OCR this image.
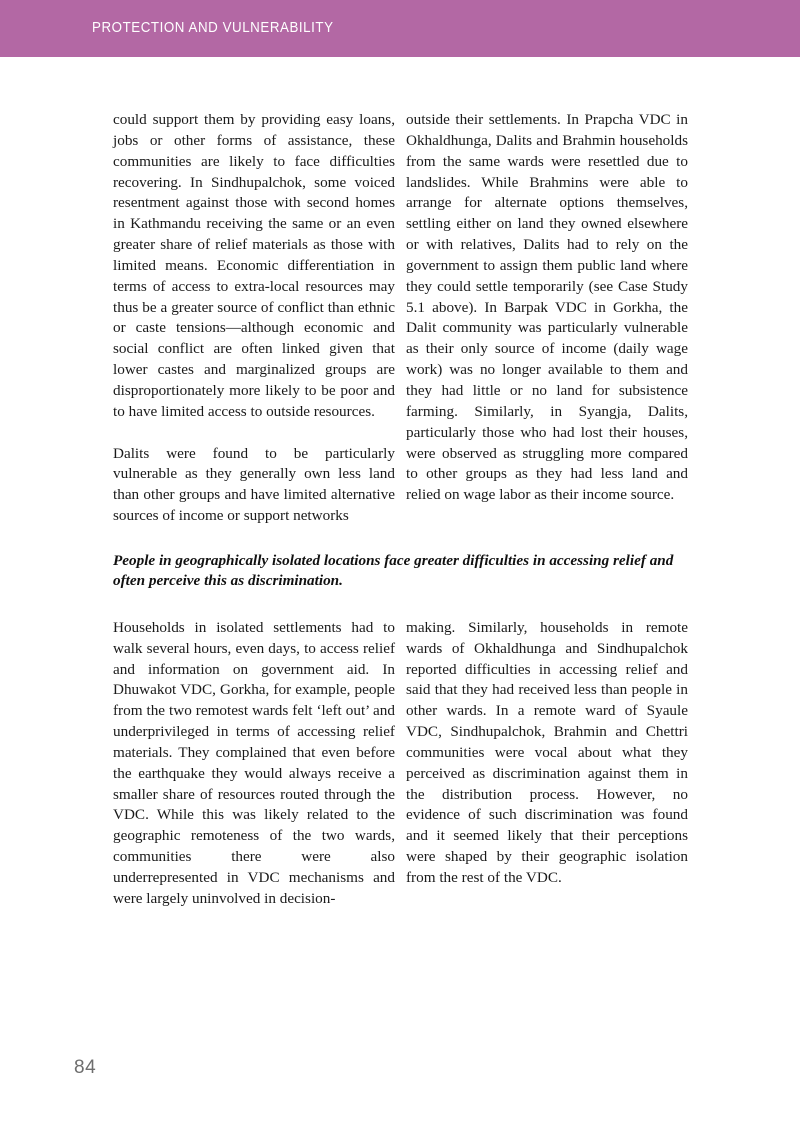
PROTECTION AND VULNERABILITY

could support them by providing easy loans, jobs or other forms of assistance, these communities are likely to face difficulties recovering. In Sindhupalchok, some voiced resentment against those with second homes in Kathmandu receiving the same or an even greater share of relief materials as those with limited means. Economic differentiation in terms of access to extra-local resources may thus be a greater source of conflict than ethnic or caste tensions—although economic and social conflict are often linked given that lower castes and marginalized groups are disproportionately more likely to be poor and to have limited access to outside resources.

Dalits were found to be particularly vulnerable as they generally own less land than other groups and have limited alternative sources of income or support networks

outside their settlements. In Prapcha VDC in Okhaldhunga, Dalits and Brahmin households from the same wards were resettled due to landslides. While Brahmins were able to arrange for alternate options themselves, settling either on land they owned elsewhere or with relatives, Dalits had to rely on the government to assign them public land where they could settle temporarily (see Case Study 5.1 above). In Barpak VDC in Gorkha, the Dalit community was particularly vulnerable as their only source of income (daily wage work) was no longer available to them and they had little or no land for subsistence farming. Similarly, in Syangja, Dalits, particularly those who had lost their houses, were observed as struggling more compared to other groups as they had less land and relied on wage labor as their income source.

People in geographically isolated locations face greater difficulties in accessing relief and often perceive this as discrimination.

Households in isolated settlements had to walk several hours, even days, to access relief and information on government aid. In Dhuwakot VDC, Gorkha, for example, people from the two remotest wards felt ‘left out’ and underprivileged in terms of accessing relief materials. They complained that even before the earthquake they would always receive a smaller share of resources routed through the VDC. While this was likely related to the geographic remoteness of the two wards, communities there were also underrepresented in VDC mechanisms and were largely uninvolved in decision-

making. Similarly, households in remote wards of Okhaldhunga and Sindhupalchok reported difficulties in accessing relief and said that they had received less than people in other wards. In a remote ward of Syaule VDC, Sindhupalchok, Brahmin and Chettri communities were vocal about what they perceived as discrimination against them in the distribution process. However, no evidence of such discrimination was found and it seemed likely that their perceptions were shaped by their geographic isolation from the rest of the VDC.

84
